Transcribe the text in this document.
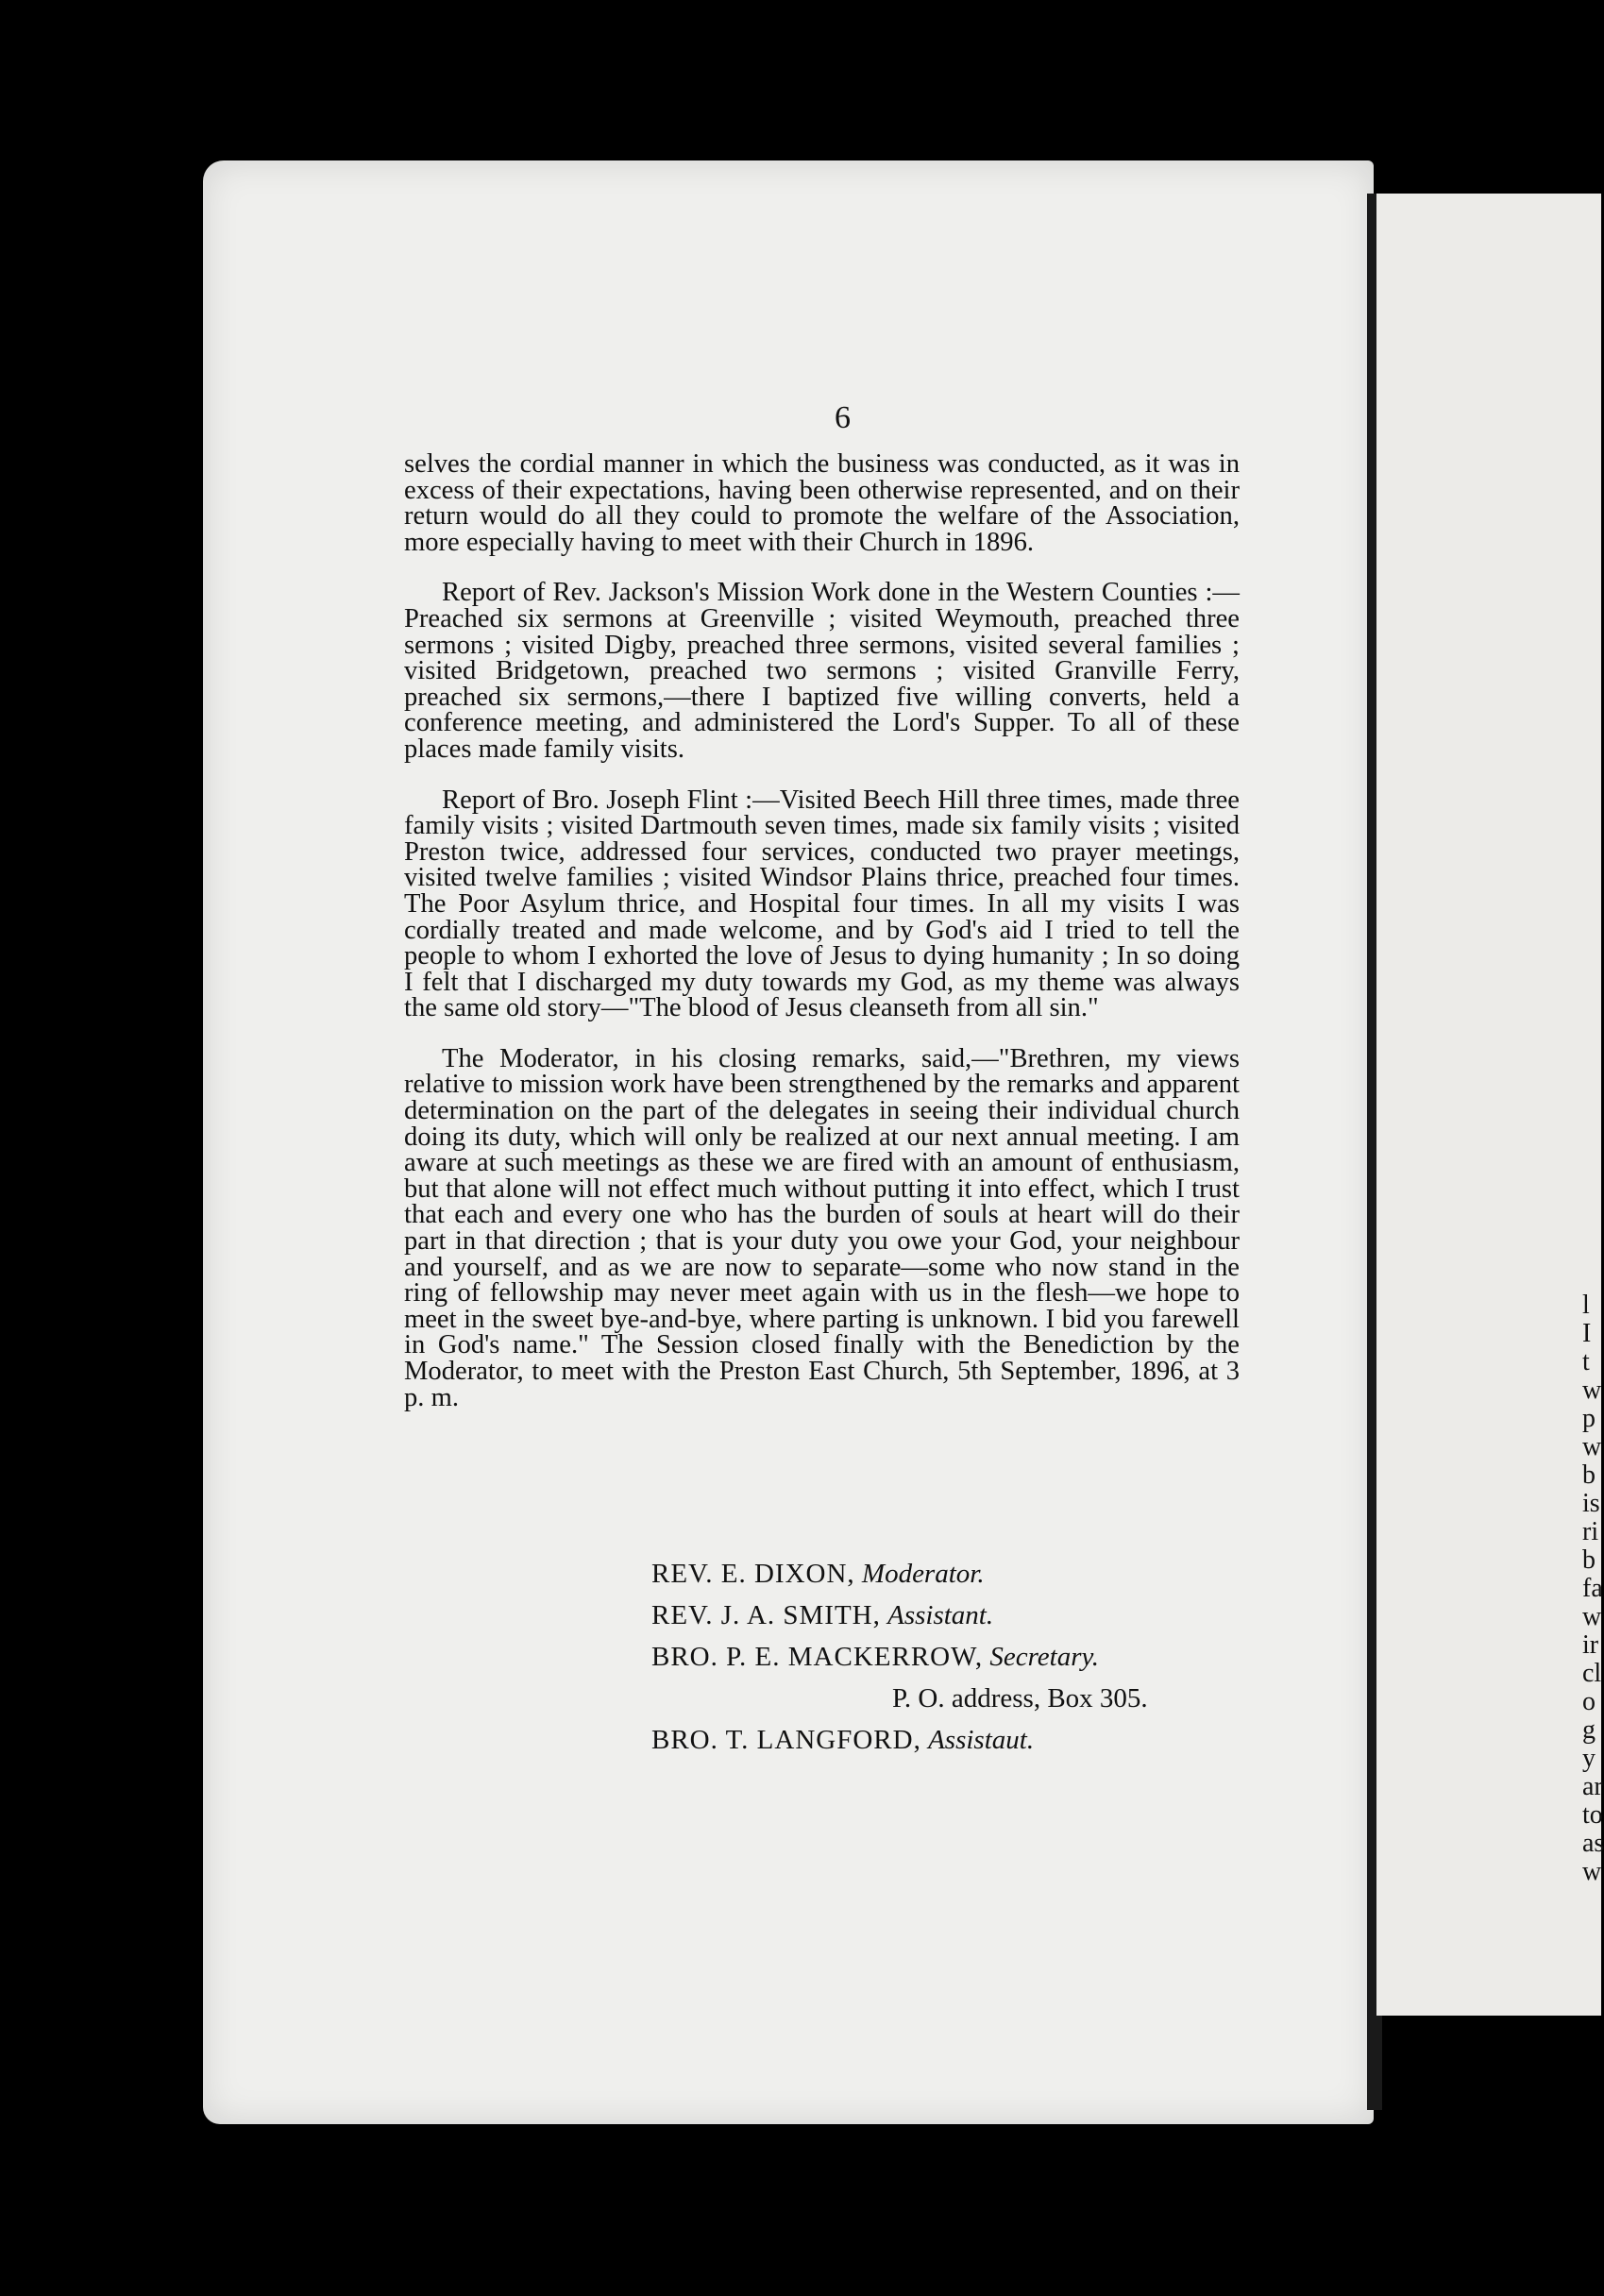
6

selves the cordial manner in which the business was conducted, as it was in excess of their expectations, having been otherwise represented, and on their return would do all they could to promote the welfare of the Association, more especially having to meet with their Church in 1896.

Report of Rev. Jackson's Mission Work done in the Western Counties :—Preached six sermons at Greenville ; visited Weymouth, preached three sermons ; visited Digby, preached three sermons, visited several families ; visited Bridgetown, preached two sermons ; visited Granville Ferry, preached six sermons,—there I baptized five willing converts, held a conference meeting, and administered the Lord's Supper. To all of these places made family visits.

Report of Bro. Joseph Flint :—Visited Beech Hill three times, made three family visits ; visited Dartmouth seven times, made six family visits ; visited Preston twice, addressed four services, conducted two prayer meetings, visited twelve families ; visited Windsor Plains thrice, preached four times. The Poor Asylum thrice, and Hospital four times. In all my visits I was cordially treated and made welcome, and by God's aid I tried to tell the people to whom I exhorted the love of Jesus to dying humanity ; In so doing I felt that I discharged my duty towards my God, as my theme was always the same old story—"The blood of Jesus cleanseth from all sin."

The Moderator, in his closing remarks, said,—"Brethren, my views relative to mission work have been strengthened by the remarks and apparent determination on the part of the delegates in seeing their individual church doing its duty, which will only be realized at our next annual meeting. I am aware at such meetings as these we are fired with an amount of enthusiasm, but that alone will not effect much without putting it into effect, which I trust that each and every one who has the burden of souls at heart will do their part in that direction ; that is your duty you owe your God, your neighbour and yourself, and as we are now to separate—some who now stand in the ring of fellowship may never meet again with us in the flesh—we hope to meet in the sweet bye-and-bye, where parting is unknown. I bid you farewell in God's name." The Session closed finally with the Benediction by the Moderator, to meet with the Preston East Church, 5th September, 1896, at 3 p. m.

REV. E. DIXON, Moderator.
REV. J. A. SMITH, Assistant.
BRO. P. E. MACKERROW, Secretary.
P. O. address, Box 305.
BRO. T. LANGFORD, Assistaut.
l
I
t
w
p
w
b
is
ri
b
fa
w
ir
cl
o
g
y
ar
to
as
w
